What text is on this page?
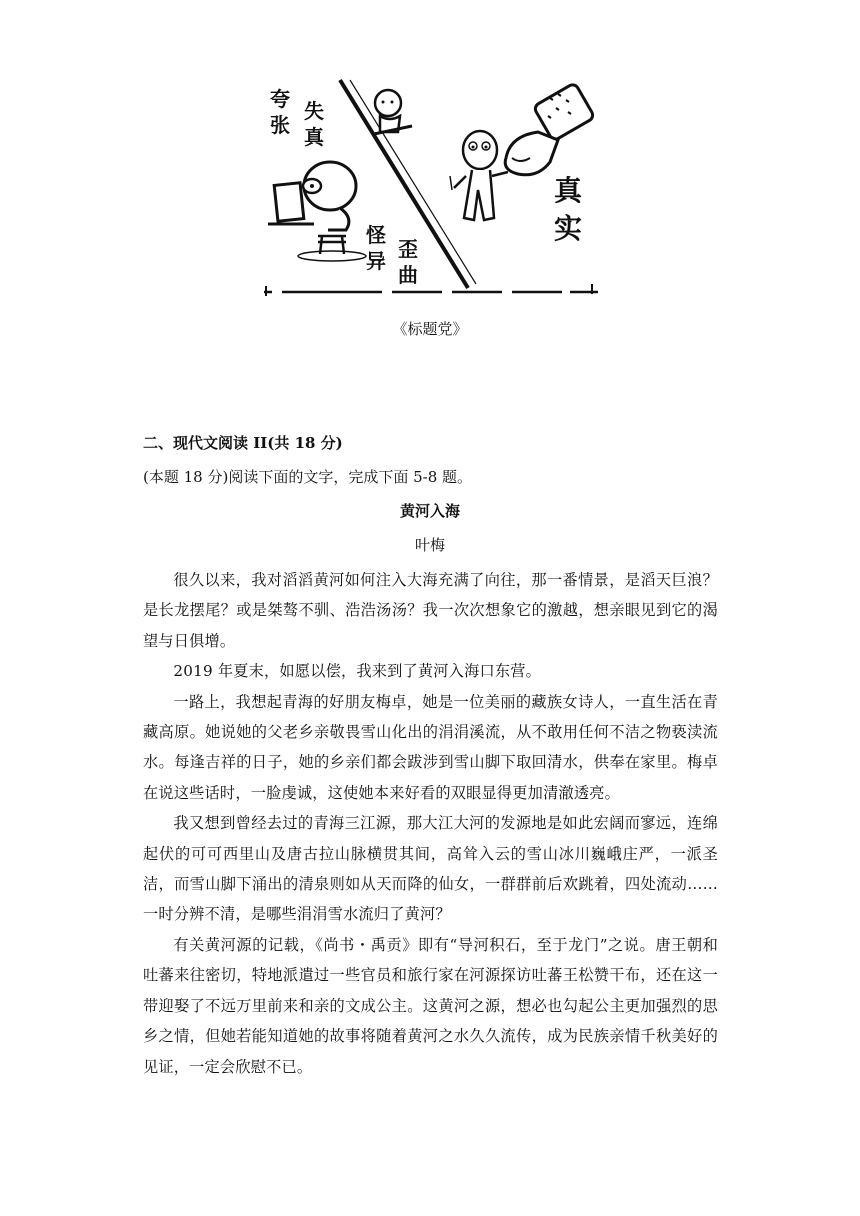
夸
张
失
真
怪
异 歪
曲
真
实
《标题党》
二、现代文阅读 II(共 18 分)
(本题 18 分)阅读下面的文字，完成下面 5-8 题。
黄河入海
叶梅

很久以来，我对滔滔黄河如何注入大海充满了向往，那一番情景，是滔天巨浪？是长龙摆尾？或是桀骜不驯、浩浩汤汤？我一次次想象它的激越，想亲眼见到它的渴望与日俱增。

2019 年夏末，如愿以偿，我来到了黄河入海口东营。

一路上，我想起青海的好朋友梅卓，她是一位美丽的藏族女诗人，一直生活在青藏高原。她说她的父老乡亲敬畏雪山化出的涓涓溪流，从不敢用任何不洁之物亵渎流水。每逢吉祥的日子，她的乡亲们都会跋涉到雪山脚下取回清水，供奉在家里。梅卓在说这些话时，一脸虔诚，这使她本来好看的双眼显得更加清澈透亮。

我又想到曾经去过的青海三江源，那大江大河的发源地是如此宏阔而寥远，连绵起伏的可可西里山及唐古拉山脉横贯其间，高耸入云的雪山冰川巍峨庄严，一派圣洁，而雪山脚下涌出的清泉则如从天而降的仙女，一群群前后欢跳着，四处流动……一时分辨不清，是哪些涓涓雪水流归了黄河？

有关黄河源的记载，《尚书・禹贡》即有“导河积石，至于龙门”之说。唐王朝和吐蕃来往密切，特地派遣过一些官员和旅行家在河源探访吐蕃王松赞干布，还在这一带迎娶了不远万里前来和亲的文成公主。这黄河之源，想必也勾起公主更加强烈的思乡之情，但她若能知道她的故事将随着黄河之水久久流传，成为民族亲情千秋美好的见证，一定会欣慰不已。
